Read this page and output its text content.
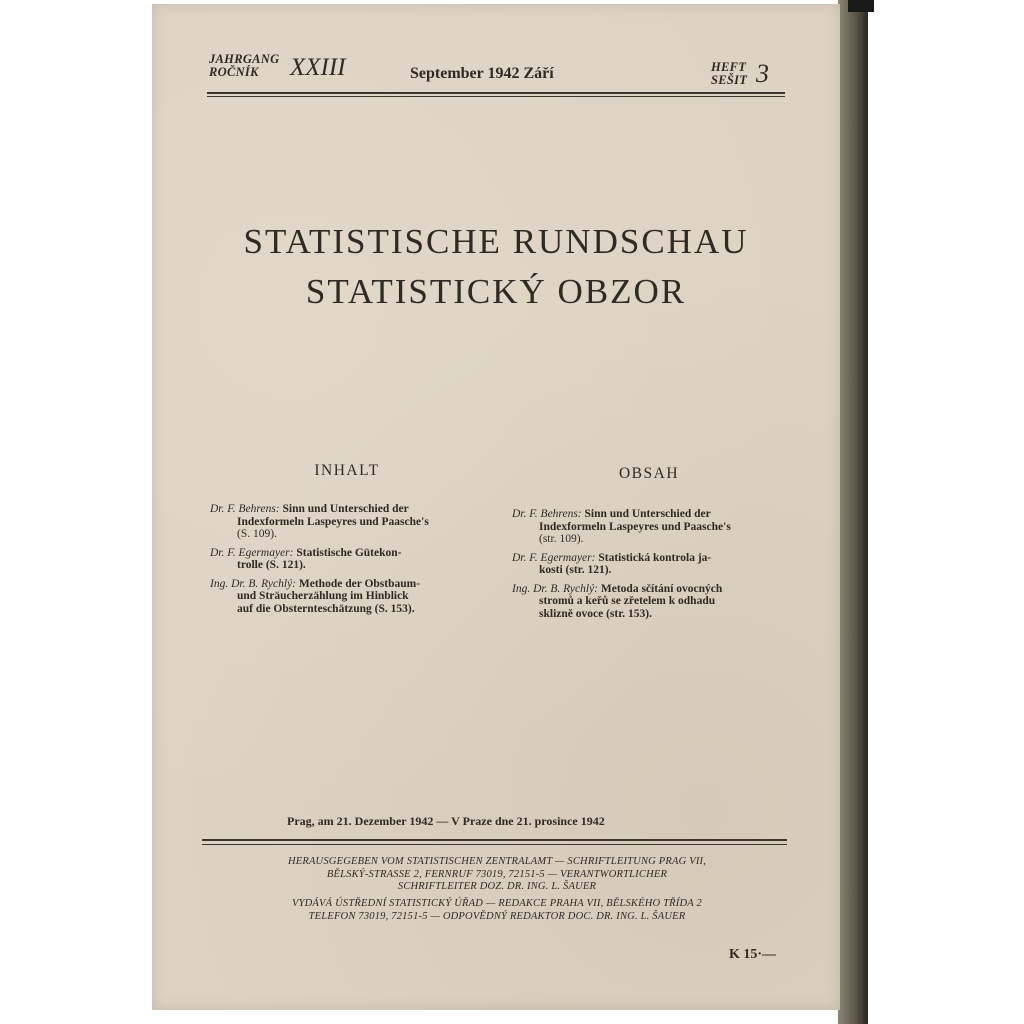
JAHRGANG
ROČNÍK	XXIII	September 1942 Září	HEFT
SEŠIT 3
STATISTISCHE RUNDSCHAU
STATISTICKÝ OBZOR
INHALT
Dr. F. Behrens: Sinn und Unterschied der
Indexformeln Laspeyres und Paasche's
(S. 109).
Dr. F. Egermayer: Statistische Gütekon-
trolle (S. 121).
Ing. Dr. B. Rychlý: Methode der Obstbaum-
und Sträucherzählung im Hinblick
auf die Obsternteschätzung (S. 153).
OBSAH
Dr. F. Behrens: Sinn und Unterschied der
Indexformeln Laspeyres und Paasche's
(str. 109).
Dr. F. Egermayer: Statistická kontrola ja-
kosti (str. 121).
Ing. Dr. B. Rychlý: Metoda sčítání ovocných
stromů a keřů se zřetelem k odhadu
sklizně ovoce (str. 153).
Prag, am 21. Dezember 1942 — V Praze dne 21. prosince 1942
HERAUSGEGEBEN VOM STATISTISCHEN ZENTRALAMT — SCHRIFTLEITUNG PRAG VII,
BĚLSKÝ-STRASSE 2, FERNRUF 73019, 72151-5 — VERANTWORTLICHER
SCHRIFTLEITER DOZ. DR. ING. L. ŠAUER
VYDÁVÁ ÚSTŘEDNÍ STATISTICKÝ ÚŘAD — REDAKCE PRAHA VII, BĚLSKÉHO TŘÍDA 2
TELEFON 73019, 72151-5 — ODPOVĚDNÝ REDAKTOR DOC. DR. ING. L. ŠAUER
K 15·—
